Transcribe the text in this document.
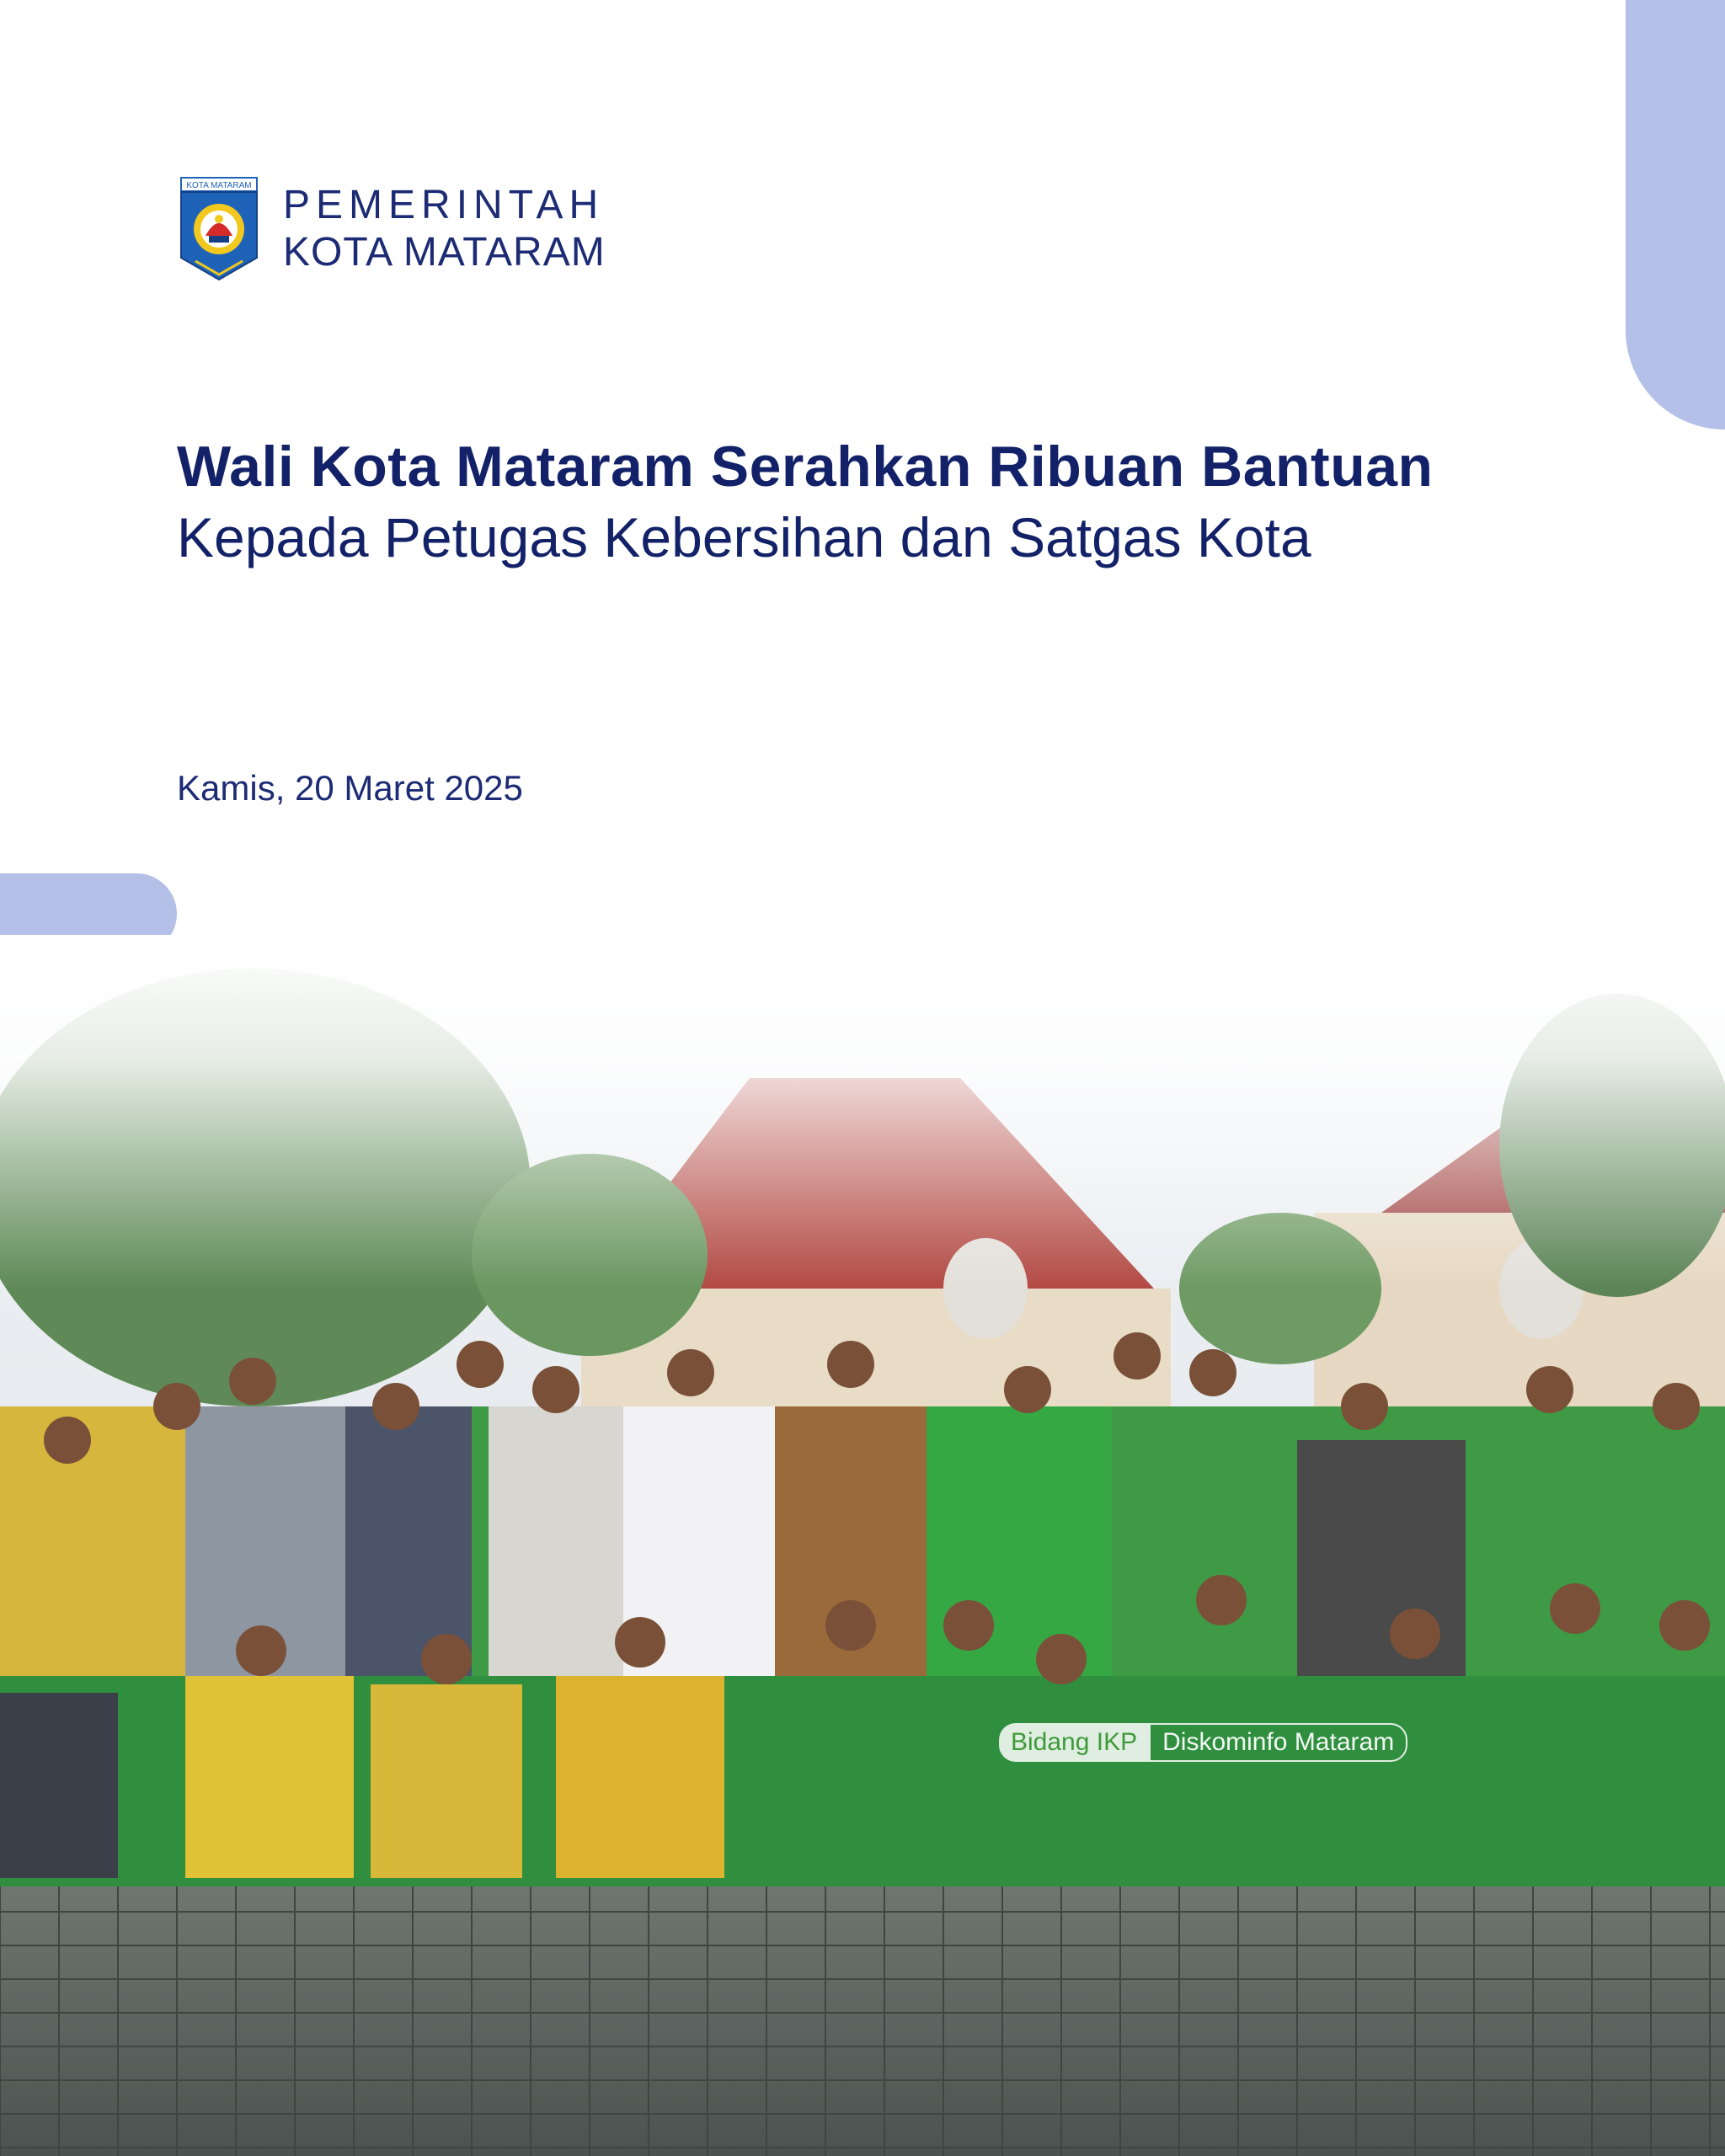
KOTA MATARAM PEMERINTAH
KOTA MATARAM
Wali Kota Mataram Serahkan Ribuan Bantuan
Kepada Petugas Kebersihan dan Satgas Kota
Kamis, 20 Maret 2025
Bidang IKP	Diskominfo Mataram
